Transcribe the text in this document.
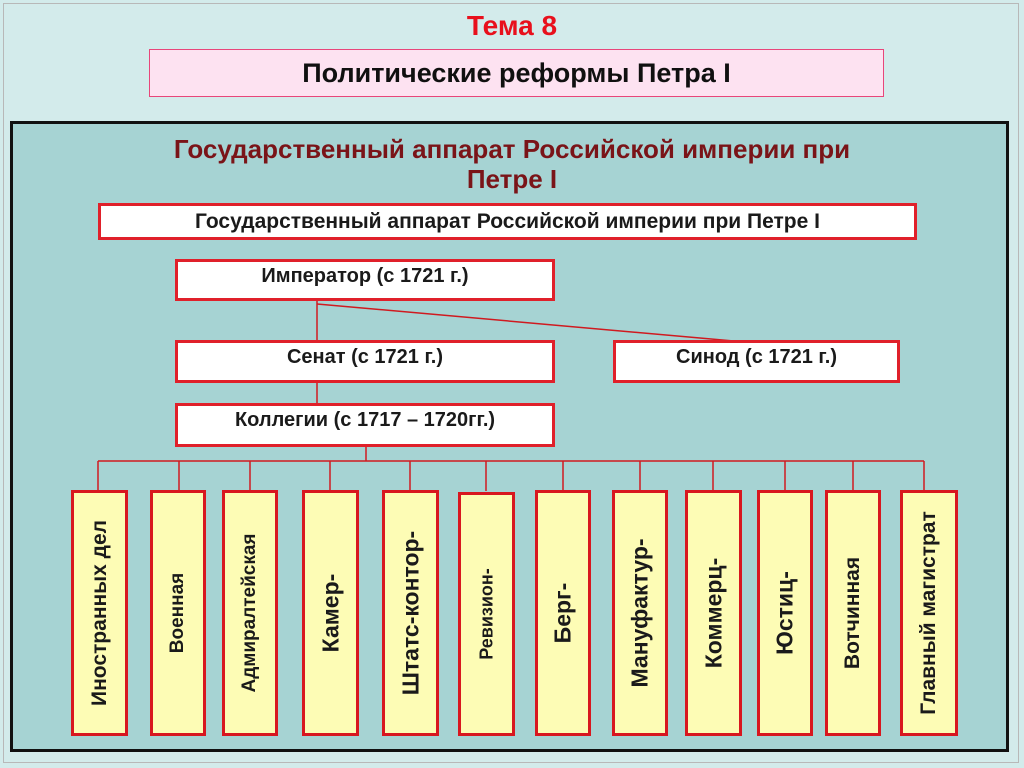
Тема 8
Политические реформы Петра I
Государственный аппарат Российской империи при
Петре I
Государственный аппарат Российской империи при Петре I
Император (с 1721 г.)
Сенат (с 1721 г.)	Синод (с 1721 г.)
Коллегии (с 1717 – 1720гг.)
Иностранных дел	Военная	Адмиралтейская Камер- Штатс-контор-	Ревизион- Берг- Мануфактур- Коммерц- Юстиц- Вотчинная	Главный магистрат
